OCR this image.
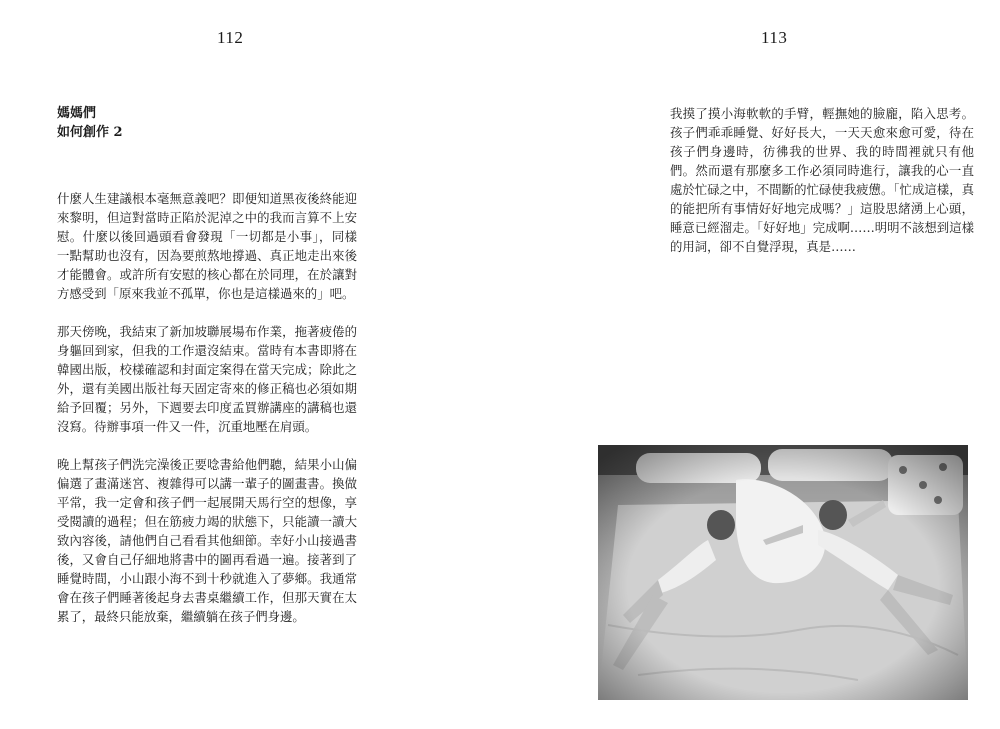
112	113
媽媽們
如何創作 2

什麼人生建議根本毫無意義吧？即便知道黑夜後終能迎來黎明，但這對當時正陷於泥淖之中的我而言算不上安慰。什麼以後回過頭看會發現「一切都是小事」，同樣一點幫助也沒有，因為要煎熬地撐過、真正地走出來後才能體會。或許所有安慰的核心都在於同理，在於讓對方感受到「原來我並不孤單，你也是這樣過來的」吧。

那天傍晚，我結束了新加坡聯展場布作業，拖著疲倦的身軀回到家，但我的工作還沒結束。當時有本書即將在韓國出版，校樣確認和封面定案得在當天完成；除此之外，還有美國出版社每天固定寄來的修正稿也必須如期給予回覆；另外，下週要去印度孟買辦講座的講稿也還沒寫。待辦事項一件又一件，沉重地壓在肩頭。

晚上幫孩子們洗完澡後正要唸書給他們聽，結果小山偏偏選了畫滿迷宮、複雜得可以講一輩子的圖畫書。換做平常，我一定會和孩子們一起展開天馬行空的想像，享受閱讀的過程；但在筋疲力竭的狀態下，只能讀一讀大致內容後，請他們自己看看其他細節。幸好小山接過書後，又會自己仔細地將書中的圖再看過一遍。接著到了睡覺時間，小山跟小海不到十秒就進入了夢鄉。我通常會在孩子們睡著後起身去書桌繼續工作，但那天實在太累了，最終只能放棄，繼續躺在孩子們身邊。

我摸了摸小海軟軟的手臂，輕撫她的臉龐，陷入思考。孩子們乖乖睡覺、好好長大，一天天愈來愈可愛，待在孩子們身邊時，彷彿我的世界、我的時間裡就只有他們。然而還有那麼多工作必須同時進行，讓我的心一直處於忙碌之中，不間斷的忙碌使我疲憊。「忙成這樣，真的能把所有事情好好地完成嗎？」這股思緒湧上心頭，睡意已經溜走。「好好地」完成啊……明明不該想到這樣的用詞，卻不自覺浮現，真是……
